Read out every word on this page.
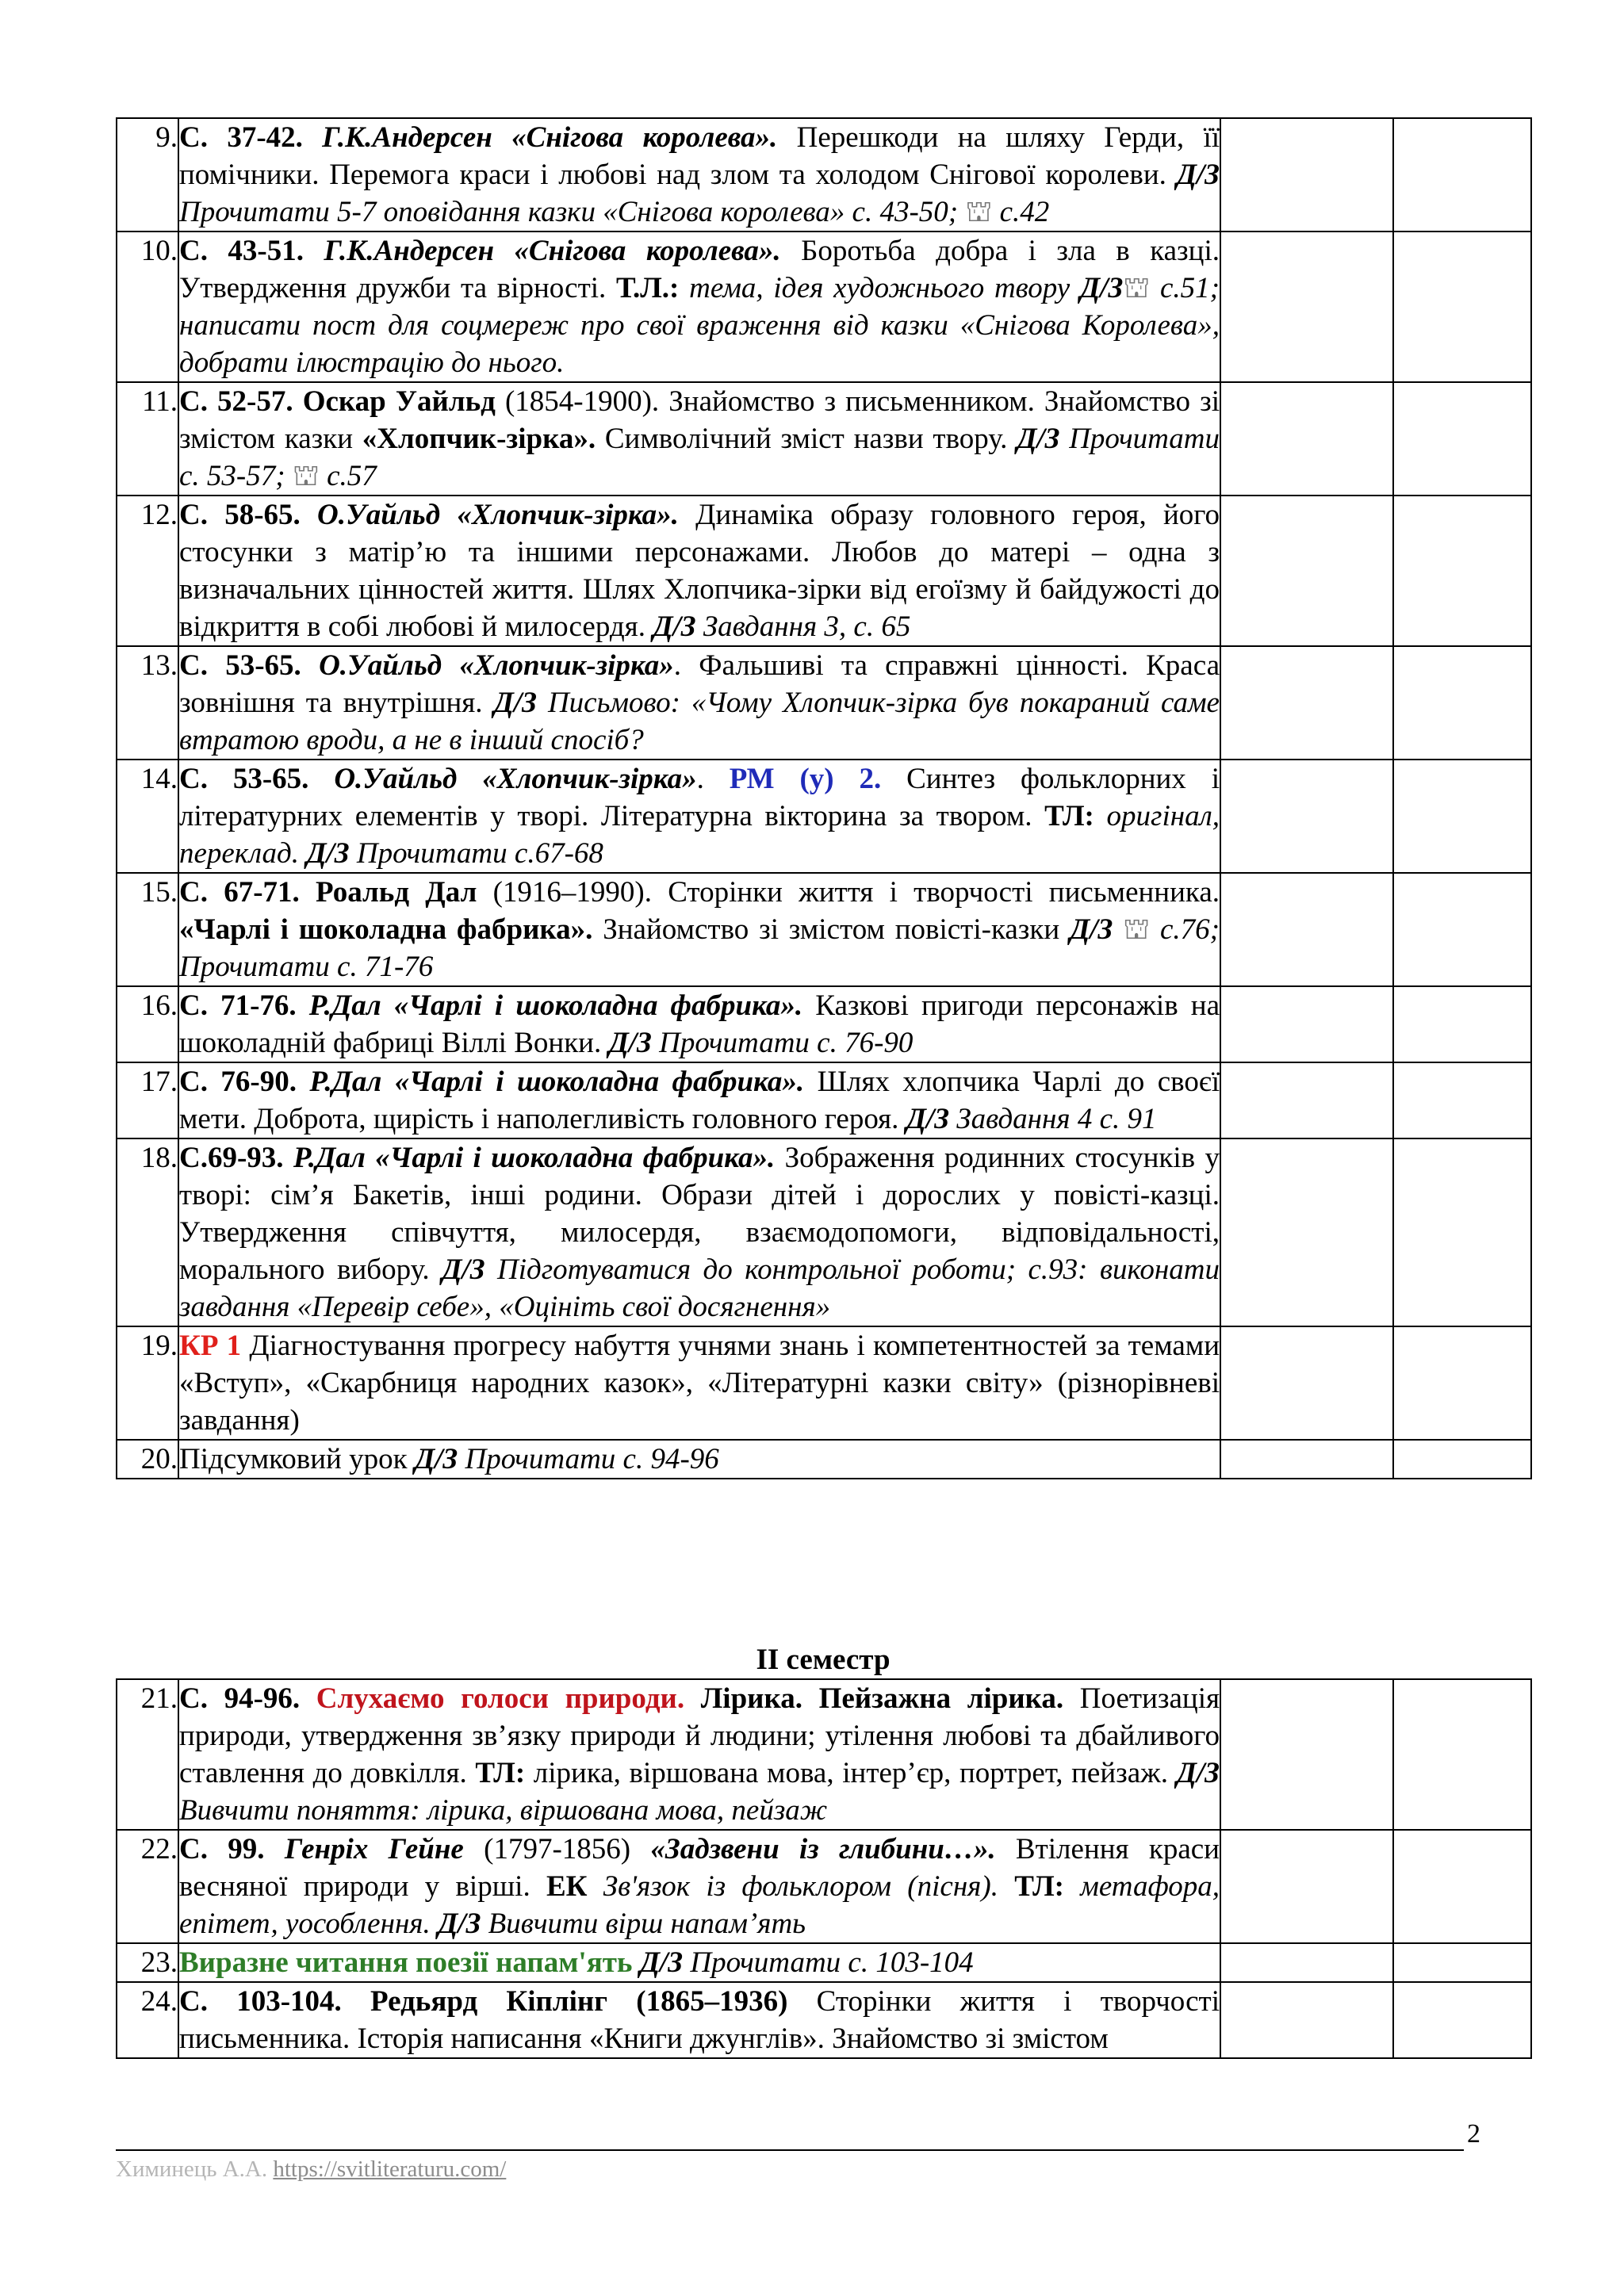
9.	С. 37-42. Г.К.Андерсен «Снігова королева». Перешкоди на шляху Герди, її помічники. Перемога краси і любові над злом та холодом Снігової королеви. Д/З Прочитати 5-7 оповідання казки «Снігова королева» с. 43-50; ⛫ с.42		
10.	С. 43-51. Г.К.Андерсен «Снігова королева». Боротьба добра і зла в казці. Утвердження дружби та вірності. Т.Л.: тема, ідея художнього твору Д/З⛫ с.51; написати пост для соцмереж про свої враження від казки «Снігова Королева», добрати ілюстрацію до нього.		
11.	С. 52-57. Оскар Уайльд (1854-1900). Знайомство з письменником. Знайомство зі змістом казки «Хлопчик-зірка». Символічний зміст назви твору. Д/З Прочитати с. 53-57; ⛫ с.57		
12.	С. 58-65. О.Уайльд «Хлопчик-зірка». Динаміка образу головного героя, його стосунки з матір’ю та іншими персонажами. Любов до матері – одна з визначальних цінностей життя. Шлях Хлопчика-зірки від егоїзму й байдужості до відкриття в собі любові й милосердя. Д/З Завдання 3, с. 65		
13.	С. 53-65. О.Уайльд «Хлопчик-зірка». Фальшиві та справжні цінності. Краса зовнішня та внутрішня. Д/З Письмово: «Чому Хлопчик-зірка був покараний саме втратою вроди, а не в інший спосіб?		
14.	С. 53-65. О.Уайльд «Хлопчик-зірка». РМ (у) 2. Синтез фольклорних і літературних елементів у творі. Літературна вікторина за твором. ТЛ: оригінал, переклад. Д/З Прочитати с.67-68		
15.	С. 67-71. Роальд Дал (1916–1990). Сторінки життя і творчості письменника. «Чарлі і шоколадна фабрика». Знайомство зі змістом повісті-казки Д/З ⛫ с.76; Прочитати с. 71-76		
16.	С. 71-76. Р.Дал «Чарлі і шоколадна фабрика». Казкові пригоди персонажів на шоколадній фабриці Віллі Вонки. Д/З Прочитати с. 76-90		
17.	С. 76-90. Р.Дал «Чарлі і шоколадна фабрика». Шлях хлопчика Чарлі до своєї мети. Доброта, щирість і наполегливість головного героя. Д/З Завдання 4 с. 91		
18.	С.69-93. Р.Дал «Чарлі і шоколадна фабрика». Зображення родинних стосунків у творі: сім’я Бакетів, інші родини. Образи дітей і дорослих у повісті-казці. Утвердження співчуття, милосердя, взаємодопомоги, відповідальності, морального вибору. Д/З Підготуватися до контрольної роботи; с.93: виконати завдання «Перевір себе», «Оцініть свої досягнення»		
19.	КР 1 Діагностування прогресу набуття учнями знань і компетентностей за темами «Вступ», «Скарбниця народних казок», «Літературні казки світу» (різнорівневі завдання)		
20.	Підсумковий урок Д/З Прочитати с. 94-96		
ІІ семестр
21.	С. 94-96. Слухаємо голоси природи. Лірика. Пейзажна лірика. Поетизація природи, утвердження зв’язку природи й людини; утілення любові та дбайливого ставлення до довкілля. ТЛ: лірика, віршована мова, інтер’єр, портрет, пейзаж. Д/З Вивчити поняття: лірика, віршована мова, пейзаж		
22.	С. 99. Генріх Гейне (1797-1856) «Задзвени із глибини…». Втілення краси весняної природи у вірші. ЕК Зв'язок із фольклором (пісня). ТЛ: метафора, епітет, уособлення. Д/З Вивчити вірш напам’ять		
23.	Виразне читання поезії напам'ять Д/З Прочитати с. 103-104		
24.	С. 103-104. Редьярд Кіплінг (1865–1936) Сторінки життя і творчості письменника. Історія написання «Книги джунглів». Знайомство зі змістом		
2
Химинець А.А. https://svitliteraturu.com/
